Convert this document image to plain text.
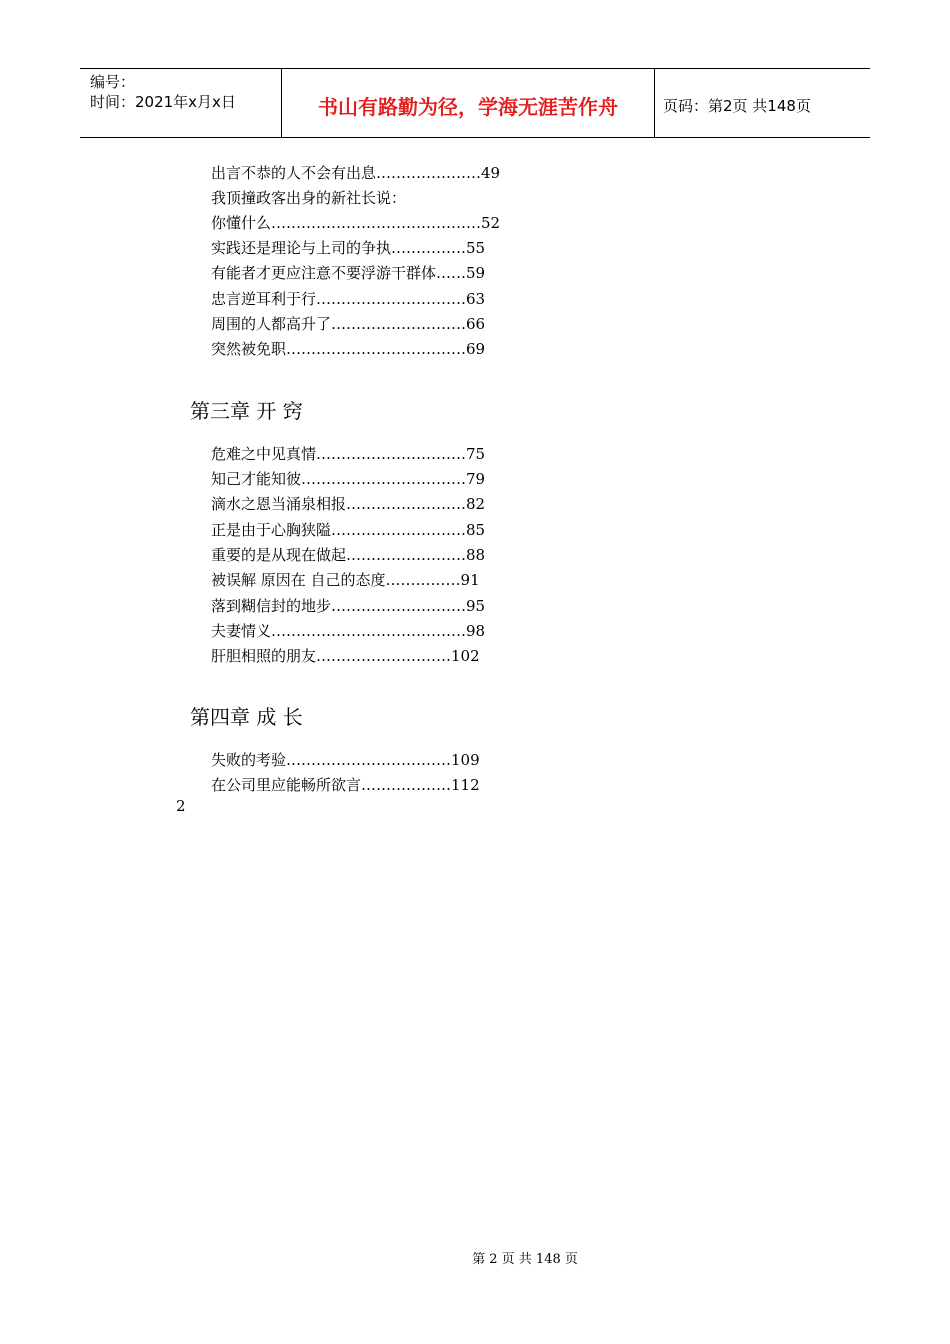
编号：
时间：2021年x月x日	书山有路勤为径，学海无涯苦作舟	页码：第2页 共148页
出言不恭的人不会有出息…………………49
我顶撞政客出身的新社长说：
你懂什么……………………………………52
实践还是理论与上司的争执……………55
有能者才更应注意不要浮游干群体……59
忠言逆耳利于行…………………………63
周围的人都高升了………………………66
突然被免职………………………………69
第三章 开 窍
危难之中见真情…………………………75
知己才能知彼……………………………79
滴水之恩当涌泉相报……………………82
正是由于心胸狭隘………………………85
重要的是从现在做起……………………88
被误解 原因在 自己的态度……………91
落到糊信封的地步………………………95
夫妻情义…………………………………98
肝胆相照的朋友………………………102
第四章 成 长
失败的考验……………………………109
在公司里应能畅所欲言………………112
2
第 2 页 共 148 页
